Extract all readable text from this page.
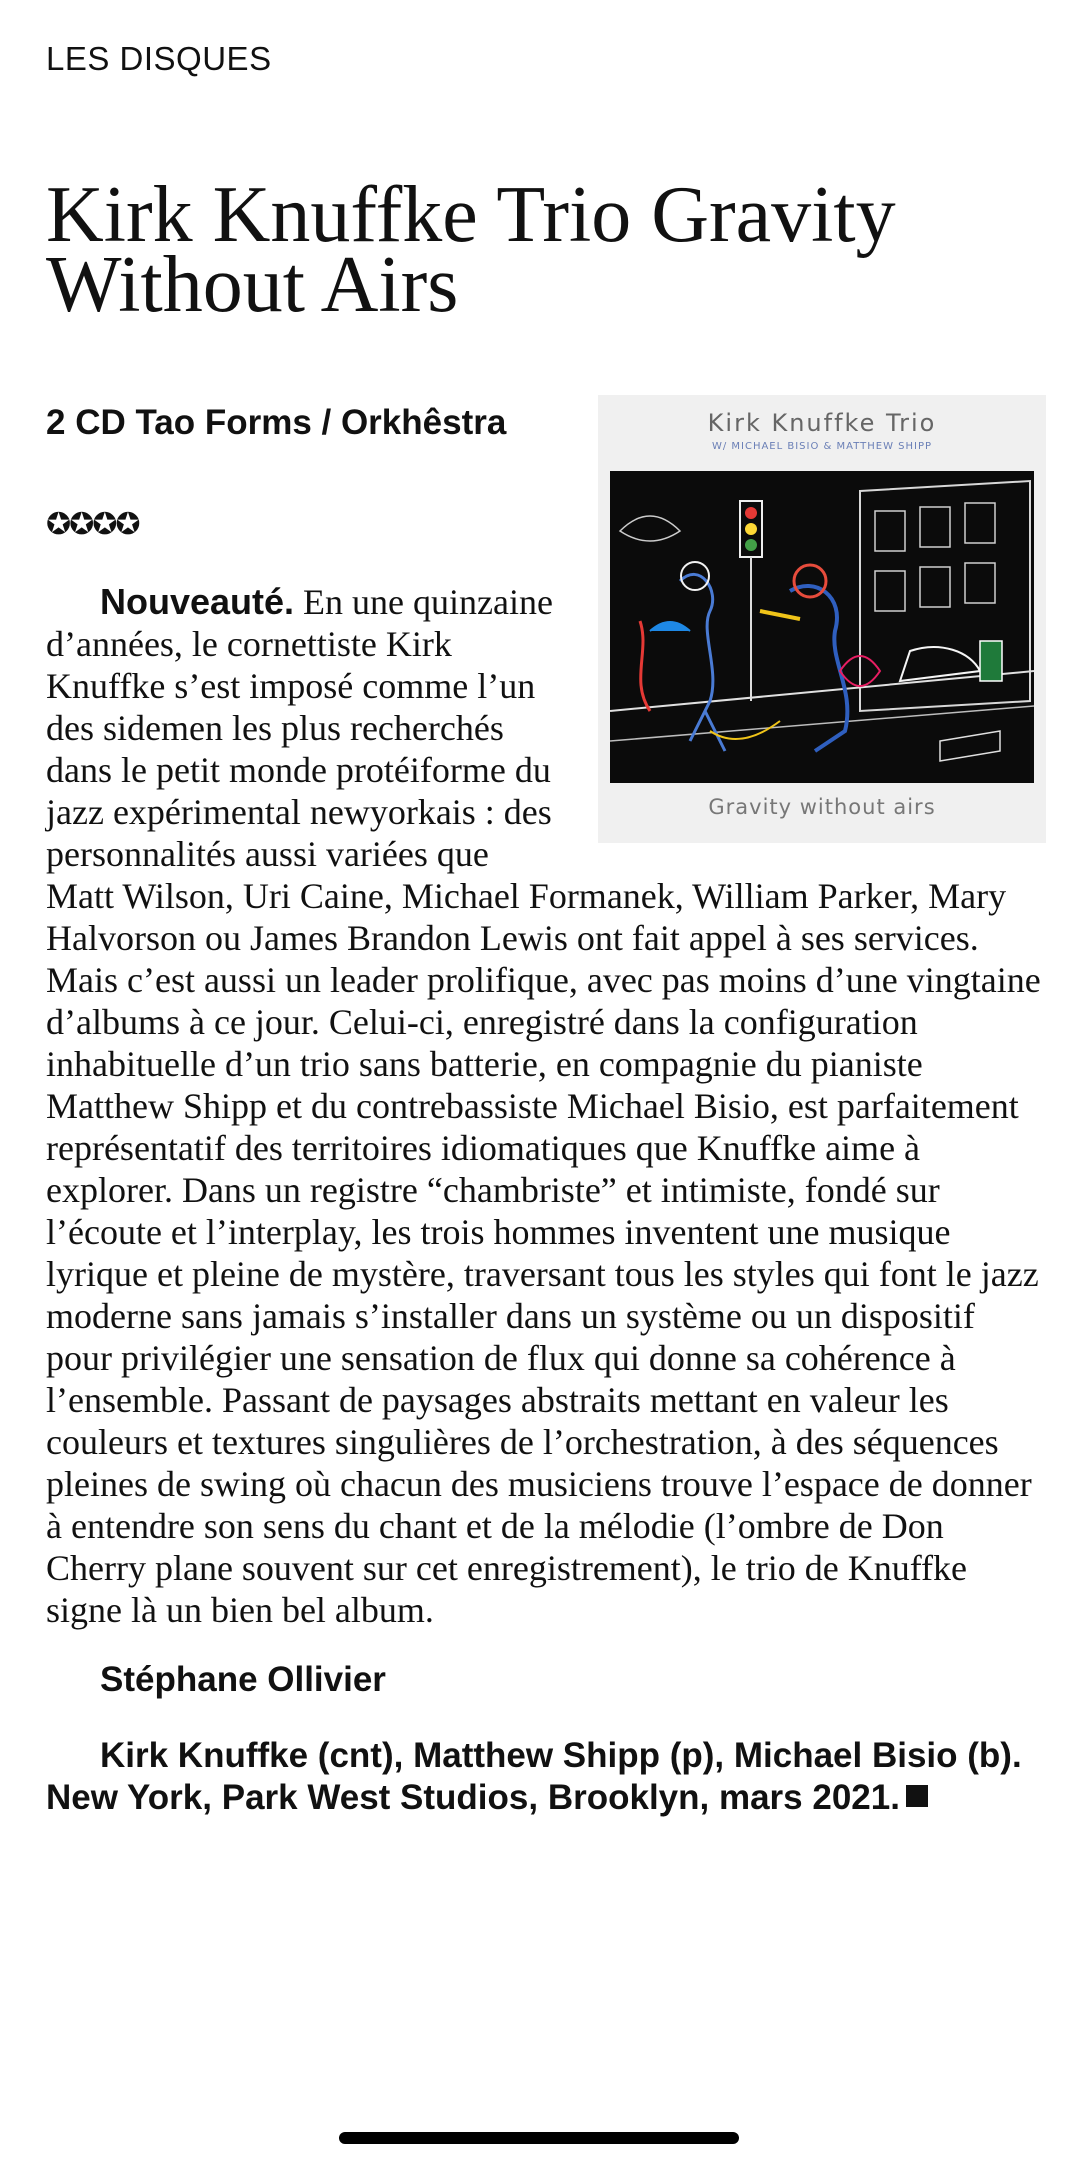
LES DISQUES
Kirk Knuffke Trio Gravity Without Airs
Kirk Knuffke Trio
W/ MICHAEL BISIO & MATTHEW SHIPP
Gravity without airs

2 CD Tao Forms / Orkhêstra

✪✪✪✪

Nouveauté. En une quinzaine d’années, le cornettiste Kirk Knuffke s’est imposé comme l’un des sidemen les plus recherchés dans le petit monde protéiforme du jazz expérimental newyorkais : des personnalités aussi variées que Matt Wilson, Uri Caine, Michael Formanek, William Parker, Mary Halvorson ou James Brandon Lewis ont fait appel à ses services. Mais c’est aussi un leader prolifique, avec pas moins d’une vingtaine d’albums à ce jour. Celui-ci, enregistré dans la configuration inhabituelle d’un trio sans batterie, en compagnie du pianiste Matthew Shipp et du contrebassiste Michael Bisio, est parfaitement représentatif des territoires idiomatiques que Knuffke aime à explorer. Dans un registre “chambriste” et intimiste, fondé sur l’écoute et l’interplay, les trois hommes inventent une musique lyrique et pleine de mystère, traversant tous les styles qui font le jazz moderne sans jamais s’installer dans un système ou un dispositif pour privilégier une sensation de flux qui donne sa cohérence à l’ensemble. Passant de paysages abstraits mettant en valeur les couleurs et textures singulières de l’orchestration, à des séquences pleines de swing où chacun des musiciens trouve l’espace de donner à entendre son sens du chant et de la mélodie (l’ombre de Don Cherry plane souvent sur cet enregistrement), le trio de Knuffke signe là un bien bel album.

Stéphane Ollivier

Kirk Knuffke (cnt), Matthew Shipp (p), Michael Bisio (b). New York, Park West Studios, Brooklyn, mars 2021.
